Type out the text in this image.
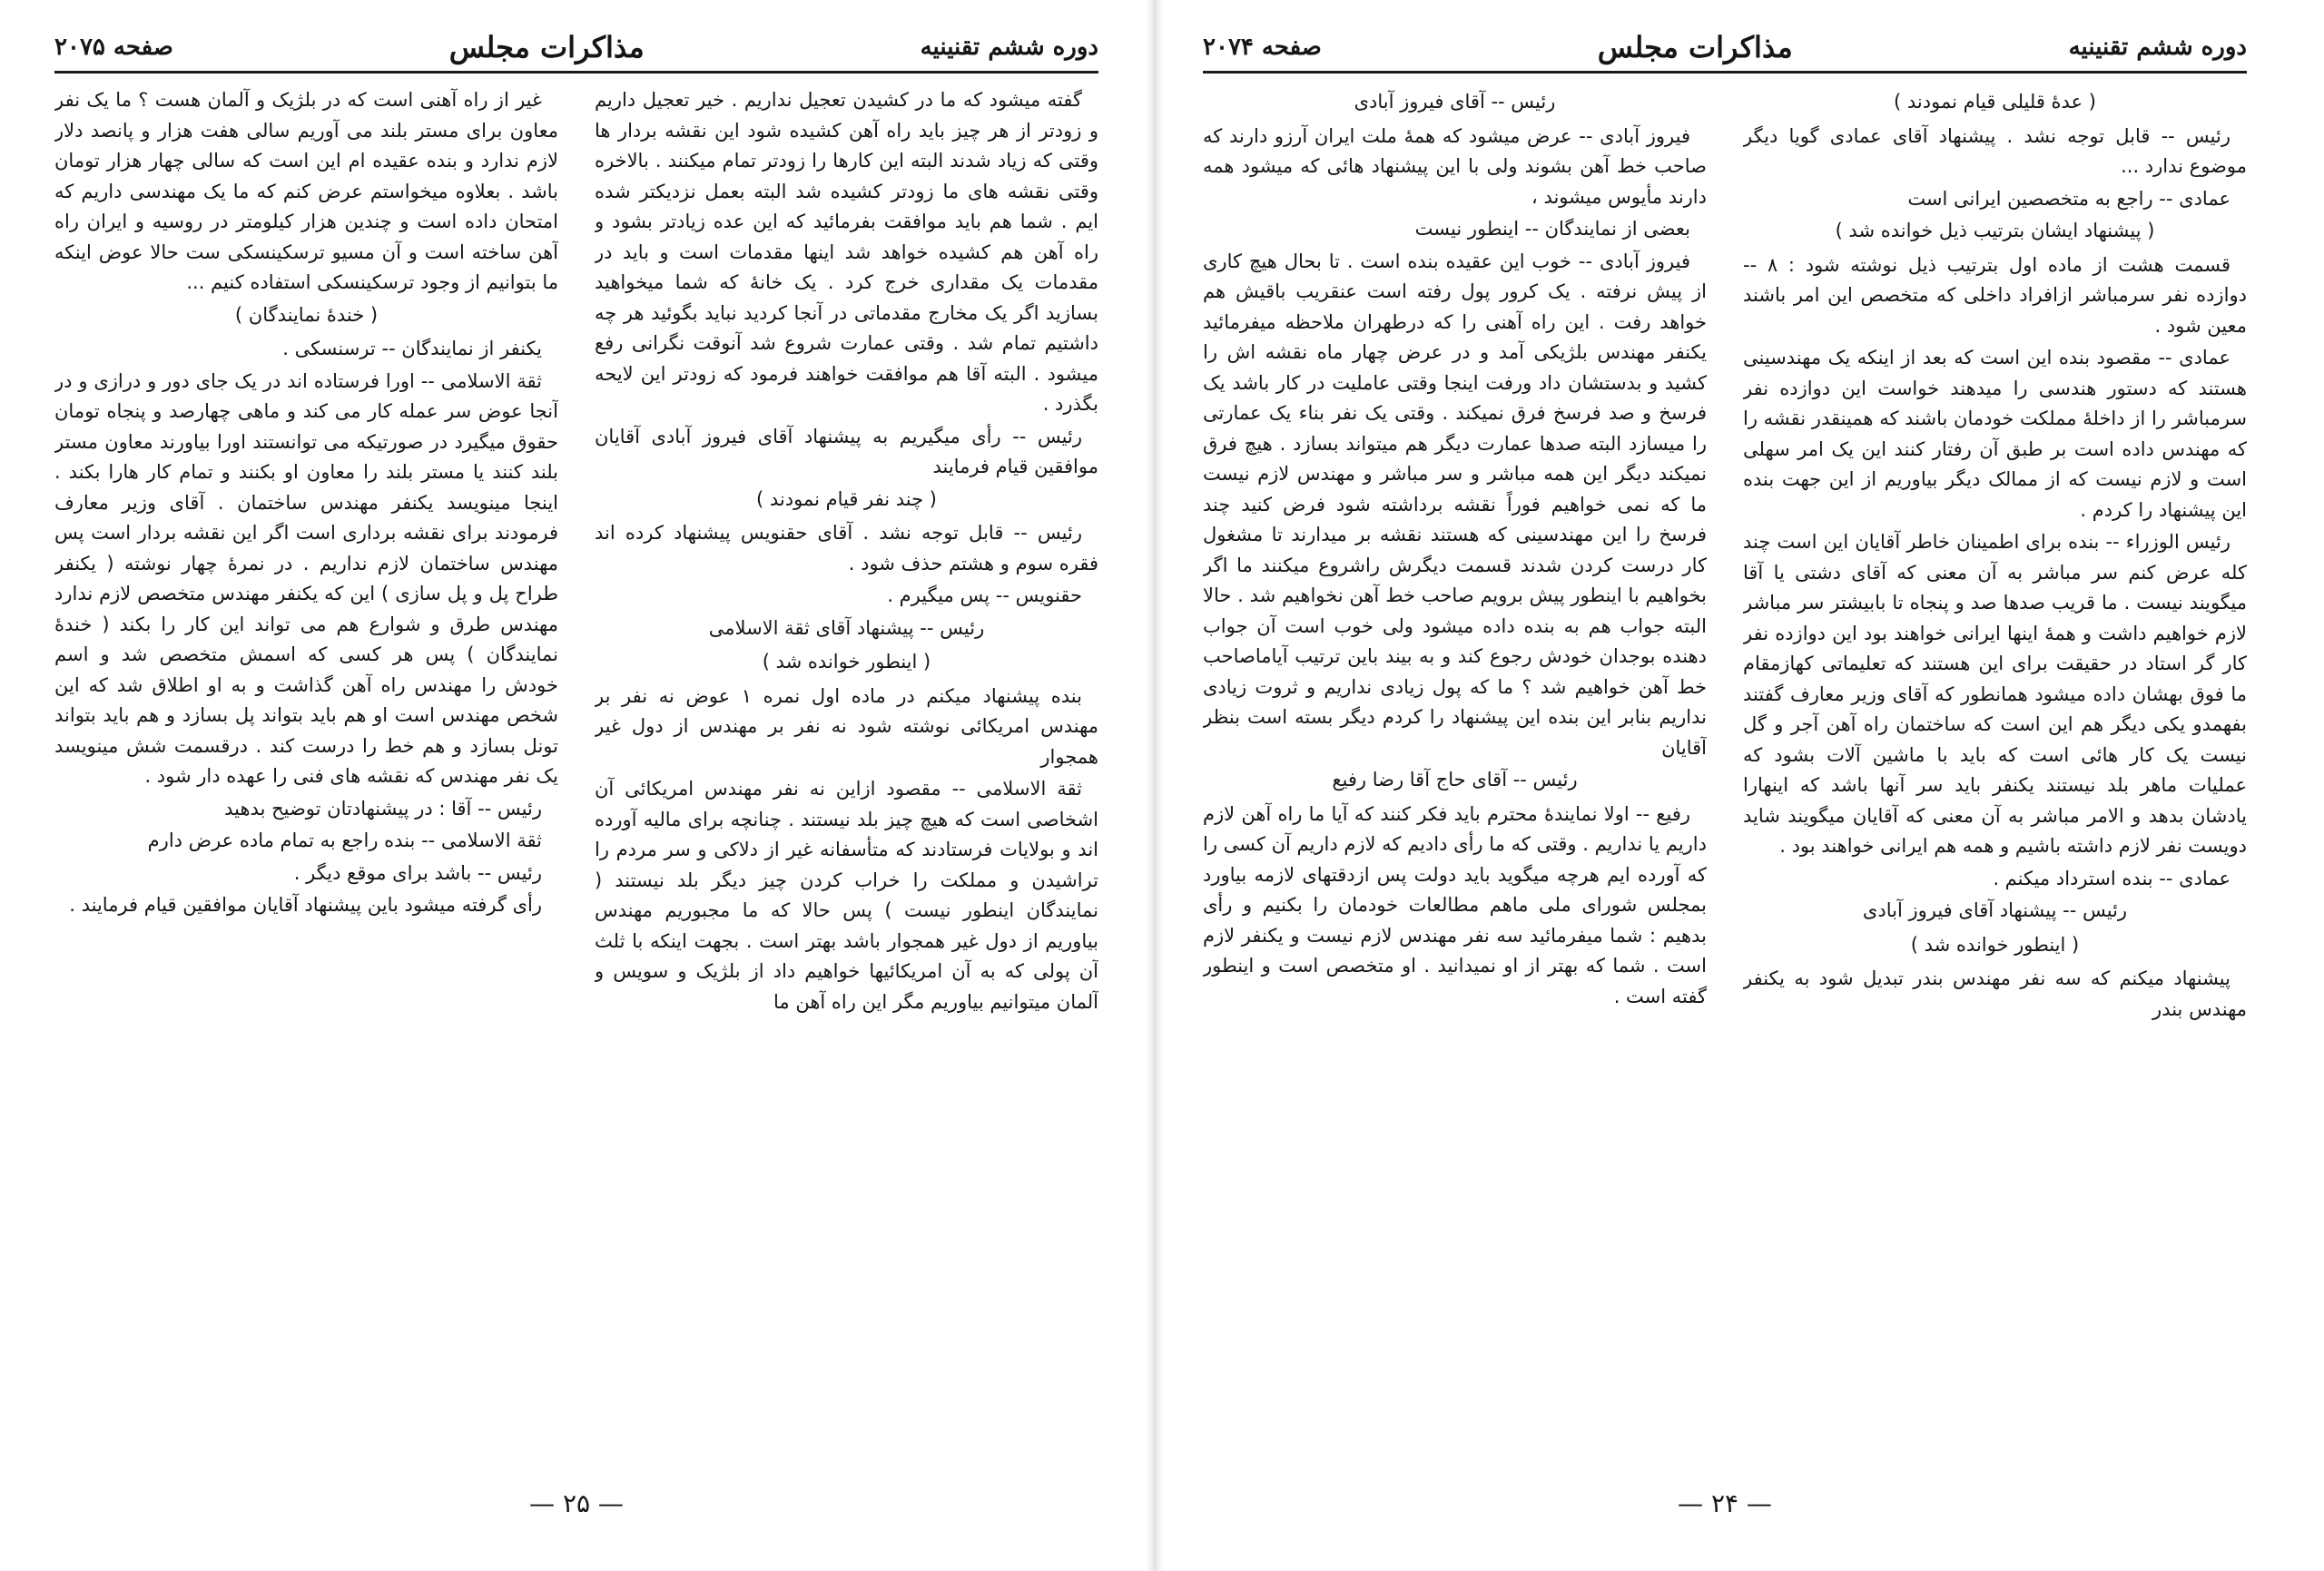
دوره ششم تقنینیه
مذاکرات مجلس
صفحه ۲۰۷۵

گفته میشود که ما در کشیدن تعجیل نداریم . خیر تعجیل داریم و زودتر از هر چیز باید راه آهن کشیده شود این نقشه بردار ها وقتی که زیاد شدند البته این کارها را زودتر تمام میکنند . بالاخره وقتی نقشه های ما زودتر کشیده شد البته بعمل نزدیکتر شده ایم . شما هم باید موافقت بفرمائید که این عده زیادتر بشود و راه آهن هم کشیده خواهد شد اینها مقدمات است و باید در مقدمات یک مقداری خرج کرد . یک خانهٔ که شما میخواهید بسازید اگر یک مخارج مقدماتی در آنجا کردید نباید بگوئید هر چه داشتیم تمام شد . وقتی عمارت شروع شد آنوقت نگرانی رفع میشود . البته آقا هم موافقت خواهند فرمود که زودتر این لایحه بگذرد .

رئیس -- رأی میگیریم به پیشنهاد آقای فیروز آبادی آقایان موافقین قیام فرمایند

( چند نفر قیام نمودند )

رئیس -- قابل توجه نشد . آقای حقنویس پیشنهاد کرده اند فقره سوم و هشتم حذف شود .

حقنویس -- پس میگیرم .

رئیس -- پیشنهاد آقای ثقة الاسلامی

( اینطور خوانده شد )

بنده پیشنهاد میکنم در ماده اول نمره ۱ عوض نه نفر بر مهندس امریکائی نوشته شود نه نفر بر مهندس از دول غیر همجوار

ثقة الاسلامی -- مقصود ازاین نه نفر مهندس امریکائی آن اشخاصی است که هیچ چیز بلد نیستند . چنانچه برای مالیه آورده اند و بولایات فرستادند که متأسفانه غیر از دلاکی و سر مردم را تراشیدن و مملکت را خراب کردن چیز دیگر بلد نیستند ( نمایندگان اینطور نیست ) پس حالا که ما مجبوریم مهندس بیاوریم از دول غیر همجوار باشد بهتر است . بجهت اینکه با ثلث آن پولی که به آن امریکائیها خواهیم داد از بلژیک و سویس و آلمان میتوانیم بیاوریم مگر این راه آهن ما

غیر از راه آهنی است که در بلژیک و آلمان هست ؟ ما یک نفر معاون برای مستر بلند می آوریم سالی هفت هزار و پانصد دلار لازم ندارد و بنده عقیده ام این است که سالی چهار هزار تومان باشد . بعلاوه میخواستم عرض کنم که ما یک مهندسی داریم که امتحان داده است و چندین هزار کیلومتر در روسیه و ایران راه آهن ساخته است و آن مسیو ترسکینسکی ست حالا عوض اینکه ما بتوانیم از وجود ترسکینسکی استفاده کنیم ...

( خندهٔ نمایندگان )

یکنفر از نمایندگان -- ترسنسکی .

ثقة الاسلامی -- اورا فرستاده اند در یک جای دور و درازی و در آنجا عوض سر عمله کار می کند و ماهی چهارصد و پنجاه تومان حقوق میگیرد در صورتیکه می توانستند اورا بیاورند معاون مستر بلند کنند یا مستر بلند را معاون او بکنند و تمام کار هارا بکند . اینجا مینویسد یکنفر مهندس ساختمان . آقای وزیر معارف فرمودند برای نقشه برداری است اگر این نقشه بردار است پس مهندس ساختمان لازم نداریم . در نمرهٔ چهار نوشته ( یکنفر طراح پل و پل سازی ) این که یکنفر مهندس متخصص لازم ندارد مهندس طرق و شوارع هم می تواند این کار را بکند ( خندهٔ نمایندگان ) پس هر کسی که اسمش متخصص شد و اسم خودش را مهندس راه آهن گذاشت و به او اطلاق شد که این شخص مهندس است او هم باید بتواند پل بسازد و هم باید بتواند تونل بسازد و هم خط را درست کند . درقسمت شش مینویسد یک نفر مهندس که نقشه های فنی را عهده دار شود .

رئیس -- آقا : در پیشنهادتان توضیح بدهید

ثقة الاسلامی -- بنده راجع به تمام ماده عرض دارم

رئیس -- باشد برای موقع دیگر .

رأی گرفته میشود باین پیشنهاد آقایان موافقین قیام فرمایند .

— ۲۵ —
دوره ششم تقنینیه
مذاکرات مجلس
صفحه ۲۰۷۴

( عدهٔ قلیلی قیام نمودند )

رئیس -- قابل توجه نشد . پیشنهاد آقای عمادی گویا دیگر موضوع ندارد ...

عمادی -- راجع به متخصصین ایرانی است

( پیشنهاد ایشان بترتیب ذیل خوانده شد )

قسمت هشت از ماده اول بترتیب ذیل نوشته شود : ۸ -- دوازده نفر سرمباشر ازافراد داخلی که متخصص این امر باشند معین شود .

عمادی -- مقصود بنده این است که بعد از اینکه یک مهندسینی هستند که دستور هندسی را میدهند خواست این دوازده نفر سرمباشر را از داخلهٔ مملکت خودمان باشند که همینقدر نقشه را که مهندس داده است بر طبق آن رفتار کنند این یک امر سهلی است و لازم نیست که از ممالک دیگر بیاوریم از این جهت بنده این پیشنهاد را کردم .

رئیس الوزراء -- بنده برای اطمینان خاطر آقایان این است چند کله عرض کنم سر مباشر به آن معنی که آقای دشتی یا آقا میگویند نیست . ما قریب صدها صد و پنجاه تا بابیشتر سر مباشر لازم خواهیم داشت و همهٔ اینها ایرانی خواهند بود این دوازده نفر کار گر استاد در حقیقت برای این هستند که تعلیماتی کهازمقام ما فوق بهشان داده میشود همانطور که آقای وزیر معارف گفتند بفهمدو یکی دیگر هم این است که ساختمان راه آهن آجر و گل نیست یک کار هائی است که باید با ماشین آلات بشود که عملیات ماهر بلد نیستند یکنفر باید سر آنها باشد که اینهارا یادشان بدهد و الامر مباشر به آن معنی که آقایان میگویند شاید دویست نفر لازم داشته باشیم و همه هم ایرانی خواهند بود .

عمادی -- بنده استرداد میکنم .

رئیس -- پیشنهاد آقای فیروز آبادی

( اینطور خوانده شد )

پیشنهاد میکنم که سه نفر مهندس بندر تبدیل شود به یکنفر مهندس بندر

رئیس -- آقای فیروز آبادی

فیروز آبادی -- عرض میشود که همهٔ ملت ایران آرزو دارند که صاحب خط آهن بشوند ولی با این پیشنهاد هائی که میشود همه دارند مأیوس میشوند ،

بعضی از نمایندگان -- اینطور نیست

فیروز آبادی -- خوب این عقیده بنده است . تا بحال هیچ کاری از پیش نرفته . یک کرور پول رفته است عنقریب باقیش هم خواهد رفت . این راه آهنی را که درطهران ملاحظه میفرمائید یکنفر مهندس بلژیکی آمد و در عرض چهار ماه نقشه اش را کشید و بدستشان داد ورفت اینجا وقتی عاملیت در کار باشد یک فرسخ و صد فرسخ فرق نمیکند . وقتی یک نفر بناء یک عمارتی را میسازد البته صدها عمارت دیگر هم میتواند بسازد . هیچ فرق نمیکند دیگر این همه مباشر و سر مباشر و مهندس لازم نیست ما که نمی خواهیم فوراً نقشه برداشته شود فرض کنید چند فرسخ را این مهندسینی که هستند نقشه بر میدارند تا مشغول کار درست کردن شدند قسمت دیگرش راشروع میکنند ما اگر بخواهیم با اینطور پیش برویم صاحب خط آهن نخواهیم شد . حالا البته جواب هم به بنده داده میشود ولی خوب است آن جواب دهنده بوجدان خودش رجوع کند و به بیند باین ترتیب آیاماصاحب خط آهن خواهیم شد ؟ ما که پول زیادی نداریم و ثروت زیادی نداریم بنابر این بنده این پیشنهاد را کردم دیگر بسته است بنظر آقایان

رئیس -- آقای حاج آقا رضا رفیع

رفیع -- اولا نمایندهٔ محترم باید فکر کنند که آیا ما راه آهن لازم داریم یا نداریم . وقتی که ما رأی دادیم که لازم داریم آن کسی را که آورده ایم هرچه میگوید باید دولت پس ازدقتهای لازمه بیاورد بمجلس شورای ملی ماهم مطالعات خودمان را بکنیم و رأی بدهیم : شما میفرمائید سه نفر مهندس لازم نیست و یکنفر لازم است . شما که بهتر از او نمیدانید . او متخصص است و اینطور گفته است .

— ۲۴ —
